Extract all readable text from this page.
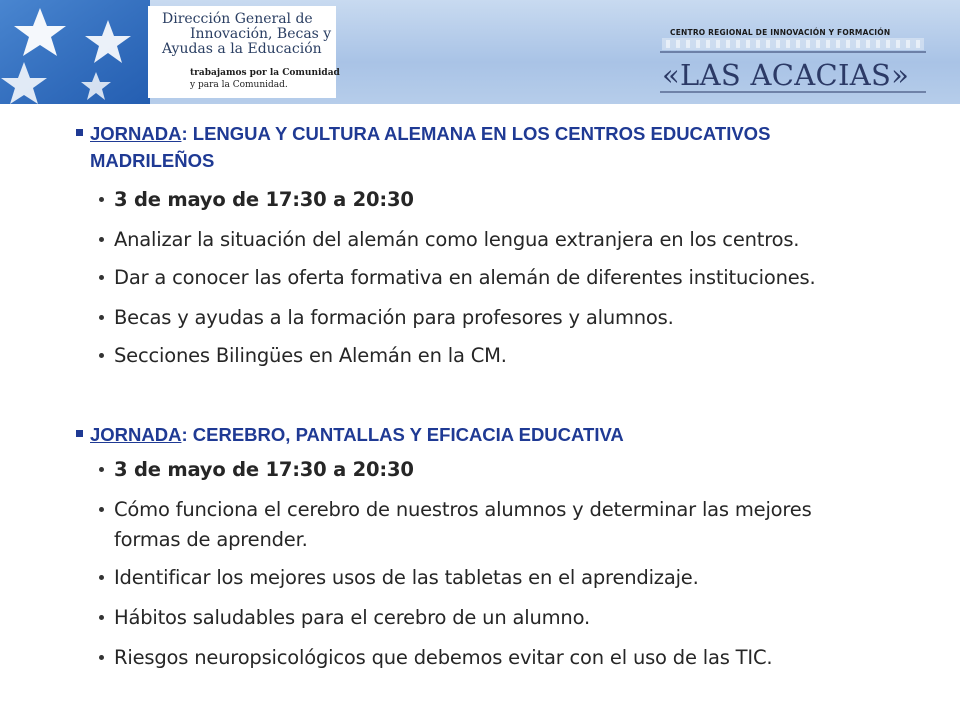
Dirección General de
Innovación, Becas y
Ayudas a la Educación
trabajamos por la Comunidad
y para la Comunidad.
CENTRO REGIONAL DE INNOVACIÓN Y FORMACIÓN
«LAS ACACIAS»
JORNADA: LENGUA Y CULTURA ALEMANA EN LOS CENTROS EDUCATIVOS
MADRILEÑOS
3 de mayo de 17:30 a 20:30
Analizar la situación del alemán como lengua extranjera en los centros.
Dar a conocer las oferta formativa en alemán de diferentes instituciones.
Becas y ayudas a la formación para profesores y alumnos.
Secciones Bilingües en Alemán en la CM.
JORNADA: CEREBRO, PANTALLAS Y EFICACIA EDUCATIVA
3 de mayo de 17:30 a 20:30
Cómo funciona el cerebro de nuestros alumnos y determinar las mejores
formas de aprender.
Identificar los mejores usos de las tabletas en el aprendizaje.
Hábitos saludables para el cerebro de un alumno.
Riesgos neuropsicológicos que debemos evitar con el uso de las TIC.
